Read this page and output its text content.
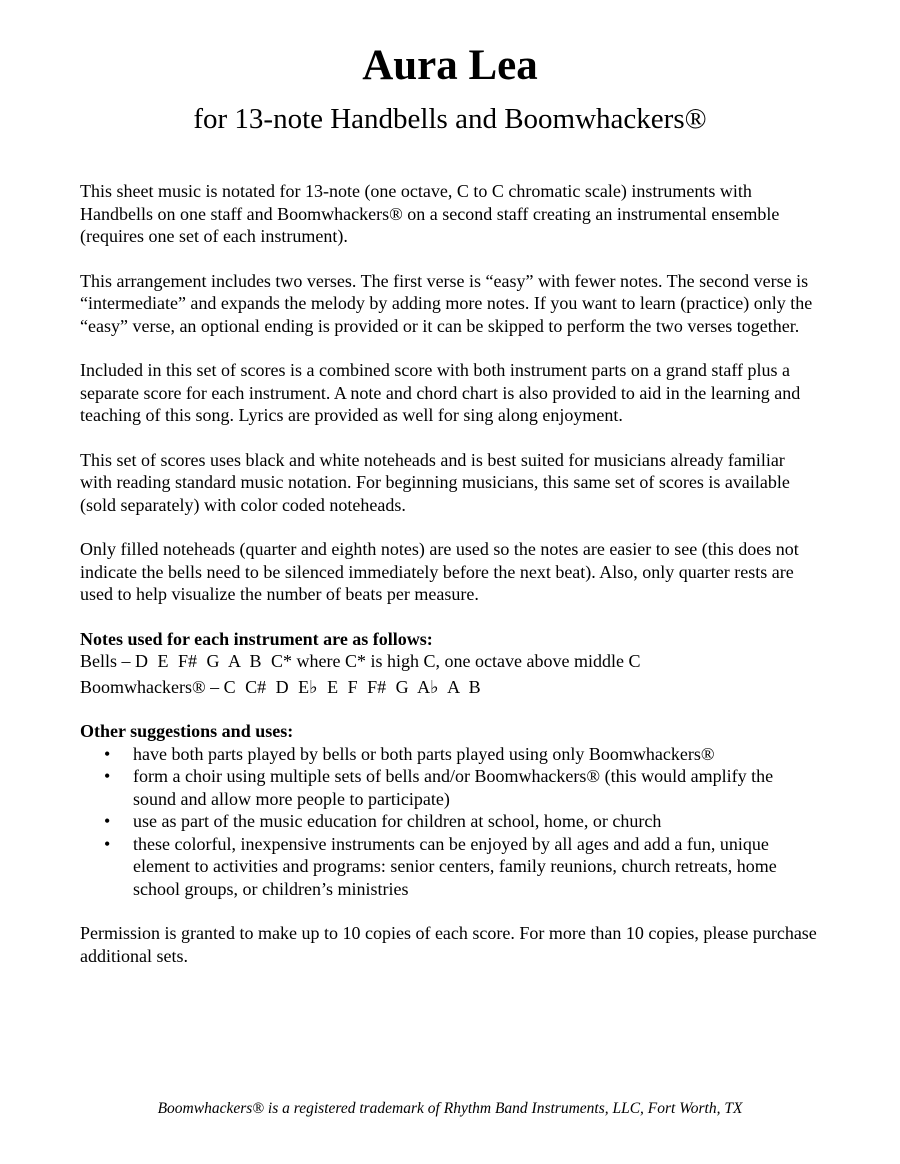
Aura Lea
for 13-note Handbells and Boomwhackers®

This sheet music is notated for 13-note (one octave, C to C chromatic scale) instruments with Handbells on one staff and Boomwhackers® on a second staff creating an instrumental ensemble (requires one set of each instrument).

This arrangement includes two verses. The first verse is “easy” with fewer notes. The second verse is “intermediate” and expands the melody by adding more notes. If you want to learn (practice) only the “easy” verse, an optional ending is provided or it can be skipped to perform the two verses together.

Included in this set of scores is a combined score with both instrument parts on a grand staff plus a separate score for each instrument. A note and chord chart is also provided to aid in the learning and teaching of this song. Lyrics are provided as well for sing along enjoyment.

This set of scores uses black and white noteheads and is best suited for musicians already familiar with reading standard music notation. For beginning musicians, this same set of scores is available (sold separately) with color coded noteheads.

Only filled noteheads (quarter and eighth notes) are used so the notes are easier to see (this does not indicate the bells need to be silenced immediately before the next beat). Also, only quarter rests are used to help visualize the number of beats per measure.

Notes used for each instrument are as follows:
Bells – D E F# G A B C* where C* is high C, one octave above middle C
Boomwhackers® – C C# D E♭ E F F# G A♭ A B
Other suggestions and uses:
• have both parts played by bells or both parts played using only Boomwhackers®
• form a choir using multiple sets of bells and/or Boomwhackers® (this would amplify the sound and allow more people to participate)
• use as part of the music education for children at school, home, or church
• these colorful, inexpensive instruments can be enjoyed by all ages and add a fun, unique element to activities and programs: senior centers, family reunions, church retreats, home school groups, or children’s ministries

Permission is granted to make up to 10 copies of each score. For more than 10 copies, please purchase additional sets.

Boomwhackers® is a registered trademark of Rhythm Band Instruments, LLC, Fort Worth, TX
